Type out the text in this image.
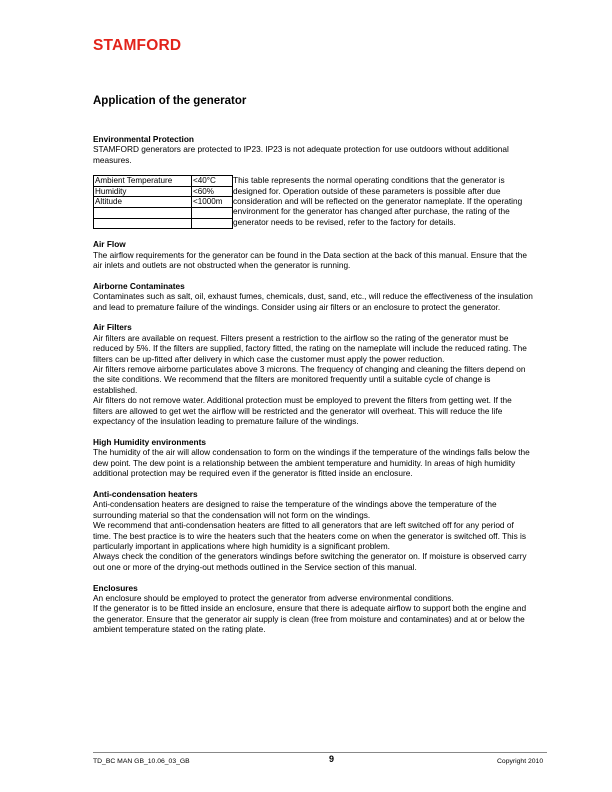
STAMFORD
Application of the generator
Environmental Protection

STAMFORD generators are protected to IP23. IP23 is not adequate protection for use outdoors without additional measures.

Ambient Temperature	<40°C
Humidity	<60%
Altitude	<1000m

This table represents the normal operating conditions that the generator is designed for. Operation outside of these parameters is possible after due consideration and will be reflected on the generator nameplate. If the operating environment for the generator has changed after purchase, the rating of the generator needs to be revised, refer to the factory for details.

Air Flow

The airflow requirements for the generator can be found in the Data section at the back of this manual. Ensure that the air inlets and outlets are not obstructed when the generator is running.

Airborne Contaminates

Contaminates such as salt, oil, exhaust fumes, chemicals, dust, sand, etc., will reduce the effectiveness of the insulation and lead to premature failure of the windings. Consider using air filters or an enclosure to protect the generator.

Air Filters

Air filters are available on request. Filters present a restriction to the airflow so the rating of the generator must be reduced by 5%. If the filters are supplied, factory fitted, the rating on the nameplate will include the reduced rating. The filters can be up-fitted after delivery in which case the customer must apply the power reduction.

Air filters remove airborne particulates above 3 microns. The frequency of changing and cleaning the filters depend on the site conditions. We recommend that the filters are monitored frequently until a suitable cycle of change is established.

Air filters do not remove water. Additional protection must be employed to prevent the filters from getting wet. If the filters are allowed to get wet the airflow will be restricted and the generator will overheat. This will reduce the life expectancy of the insulation leading to premature failure of the windings.

High Humidity environments

The humidity of the air will allow condensation to form on the windings if the temperature of the windings falls below the dew point. The dew point is a relationship between the ambient temperature and humidity. In areas of high humidity additional protection may be required even if the generator is fitted inside an enclosure.

Anti-condensation heaters

Anti-condensation heaters are designed to raise the temperature of the windings above the temperature of the surrounding material so that the condensation will not form on the windings.

We recommend that anti-condensation heaters are fitted to all generators that are left switched off for any period of time. The best practice is to wire the heaters such that the heaters come on when the generator is switched off. This is particularly important in applications where high humidity is a significant problem.

Always check the condition of the generators windings before switching the generator on. If moisture is observed carry out one or more of the drying-out methods outlined in the Service section of this manual.

Enclosures

An enclosure should be employed to protect the generator from adverse environmental conditions.

If the generator is to be fitted inside an enclosure, ensure that there is adequate airflow to support both the engine and the generator. Ensure that the generator air supply is clean (free from moisture and contaminates) and at or below the ambient temperature stated on the rating plate.

TD_BC MAN GB_10.06_03_GB	9	Copyright 2010
